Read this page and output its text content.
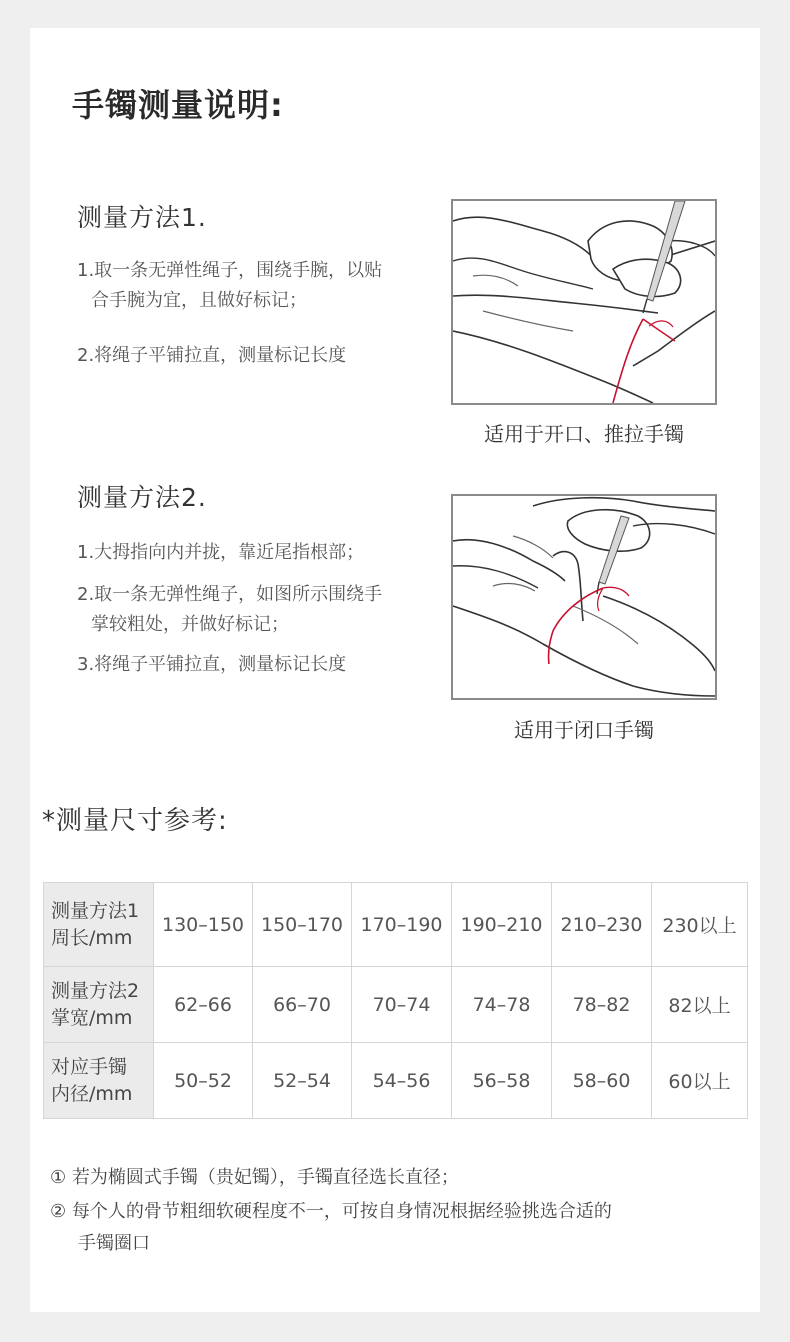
手镯测量说明:
测量方法1.
1.取一条无弹性绳子，围绕手腕，以贴
合手腕为宜，且做好标记；
2.将绳子平铺拉直，测量标记长度
适用于开口、推拉手镯
测量方法2.
1.大拇指向内并拢，靠近尾指根部；
2.取一条无弹性绳子，如图所示围绕手
掌较粗处，并做好标记；
3.将绳子平铺拉直，测量标记长度
适用于闭口手镯
*测量尺寸参考:
测量方法1
周长/mm	130–150	150–170	170–190	190–210	210–230	230以上

测量方法2
掌宽/mm	62–66	66–70	70–74	74–78	78–82	82以上

对应手镯
内径/mm	50–52	52–54	54–56	56–58	58–60	60以上
① 若为椭圆式手镯（贵妃镯），手镯直径选长直径；
② 每个人的骨节粗细软硬程度不一，可按自身情况根据经验挑选合适的
手镯圈口
